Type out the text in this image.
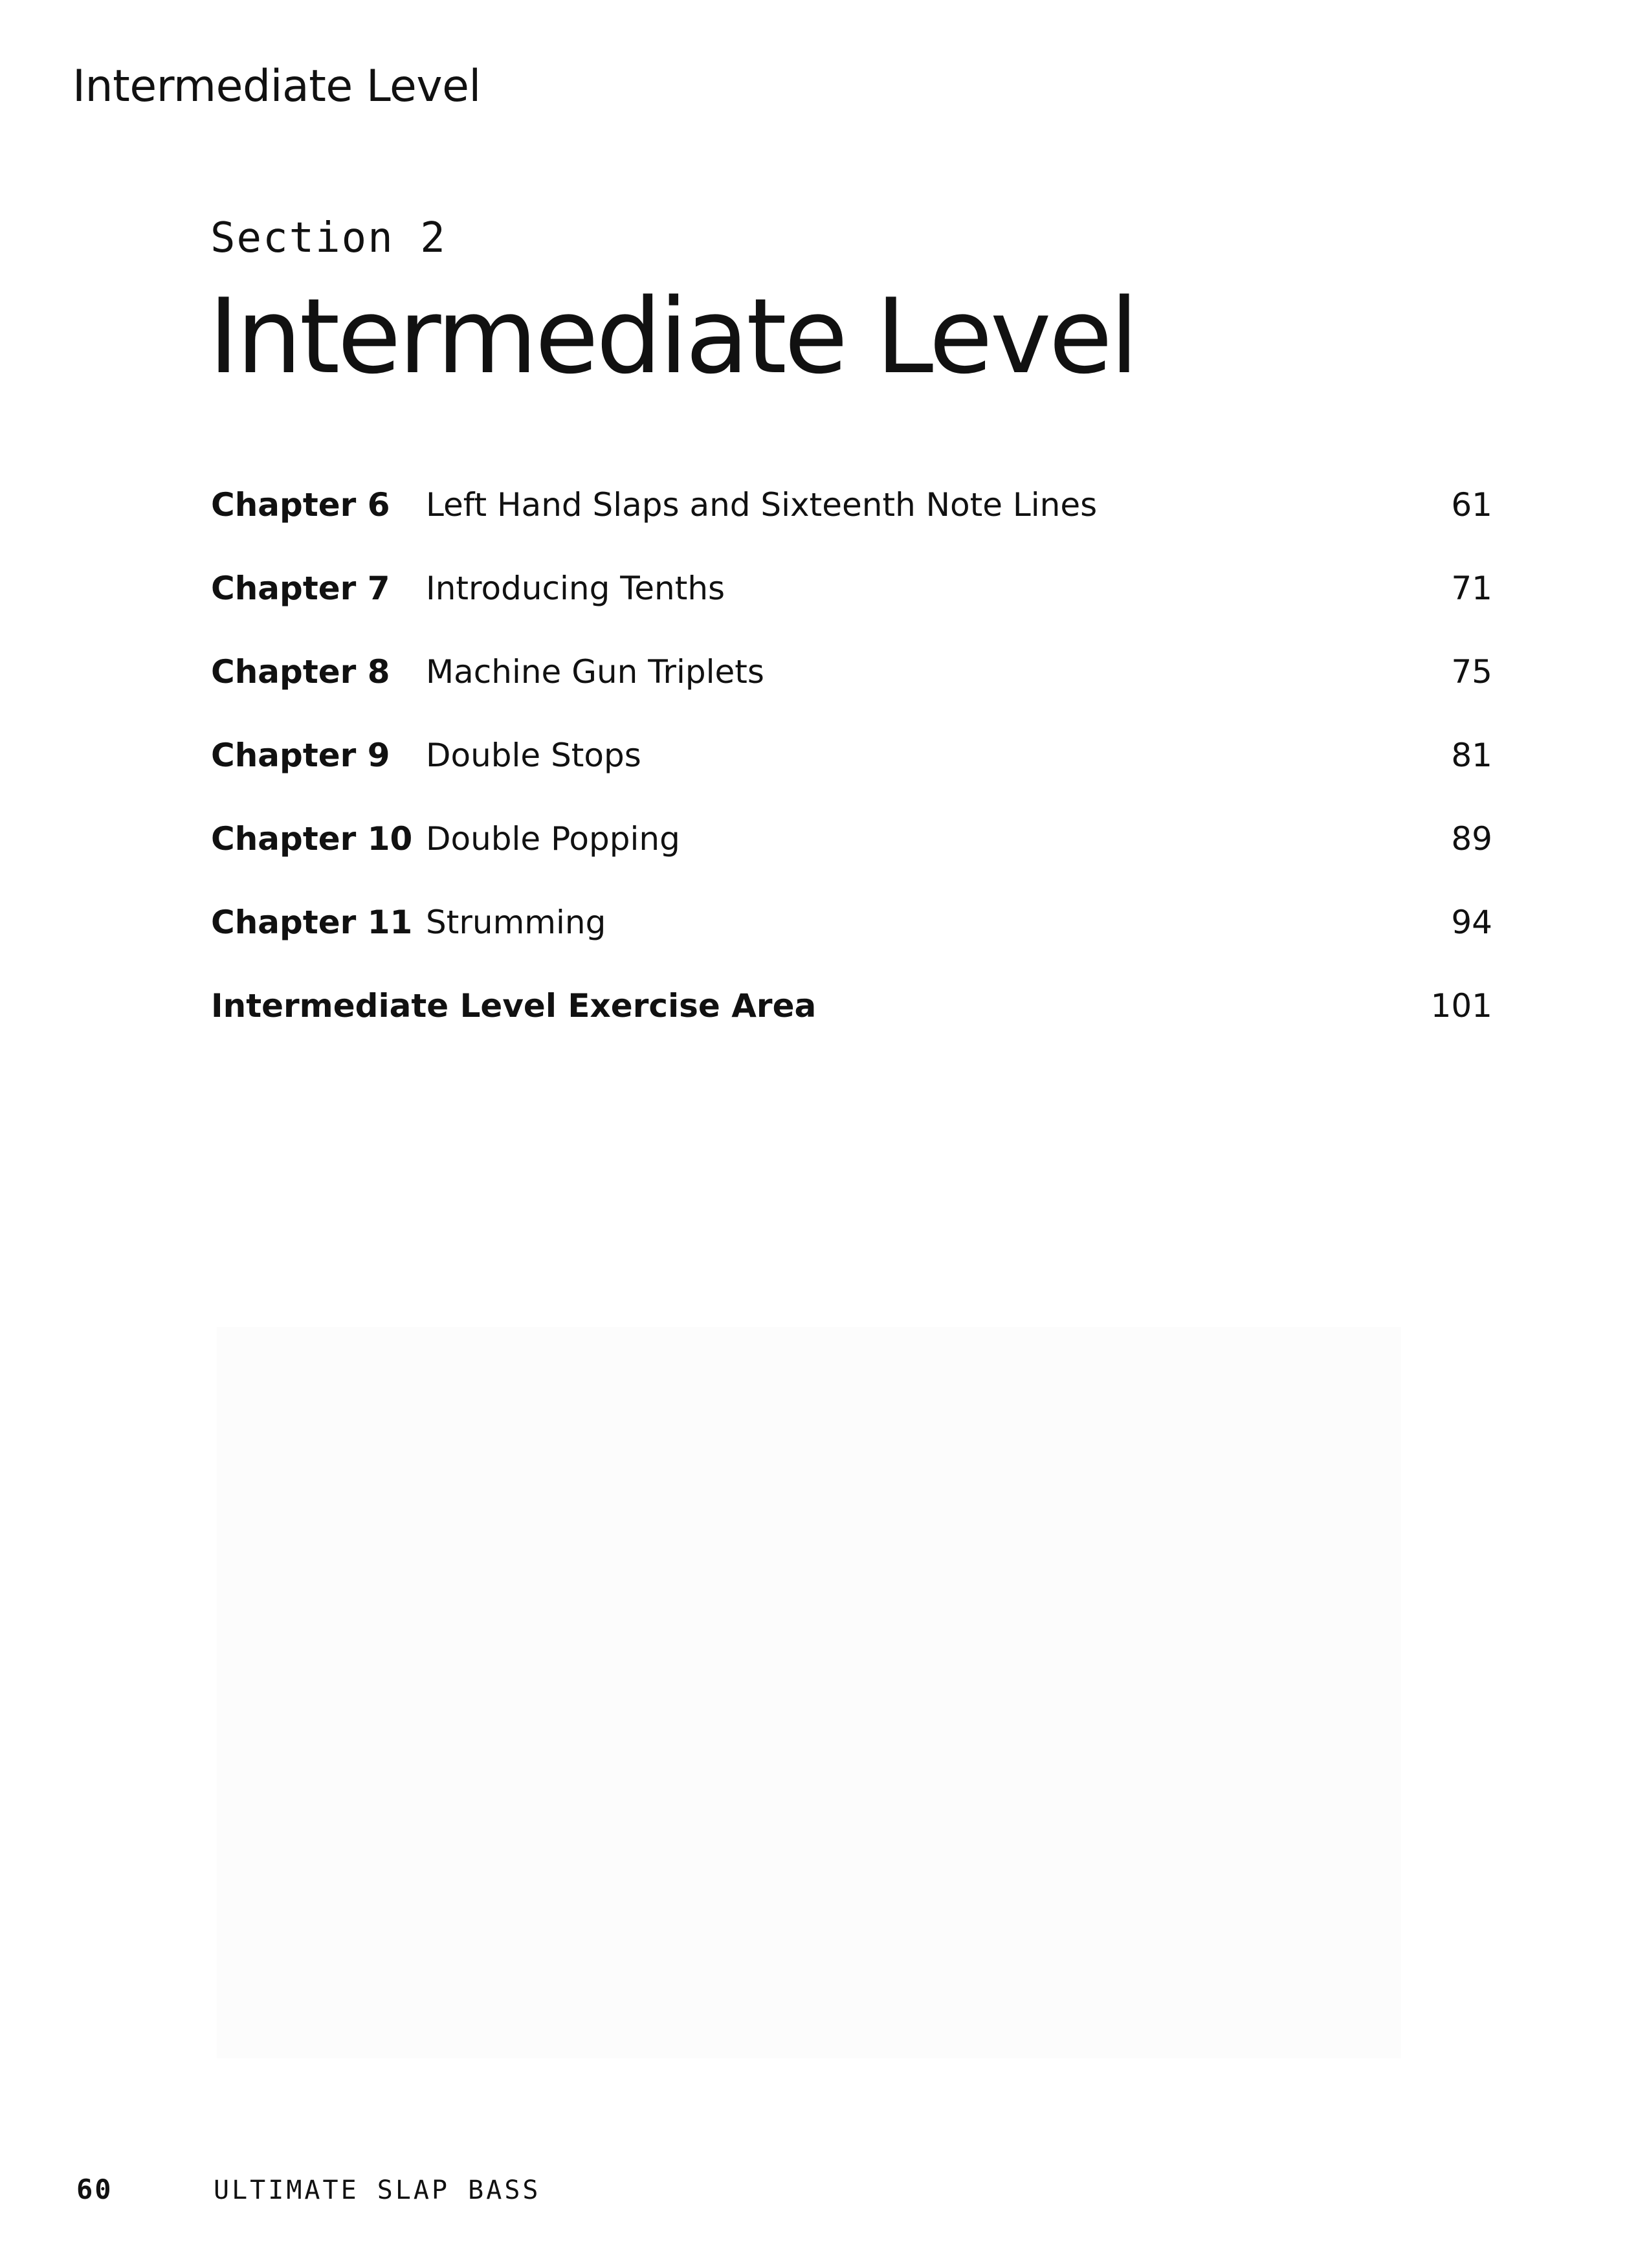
Intermediate Level
Section 2
Intermediate Level
Chapter 6 Left Hand Slaps and Sixteenth Note Lines	61
Chapter 7 Introducing Tenths	71
Chapter 8 Machine Gun Triplets	75
Chapter 9 Double Stops	81
Chapter 10 Double Popping	89
Chapter 11 Strumming	94
Intermediate Level Exercise Area	101
60	ULTIMATE SLAP BASS
